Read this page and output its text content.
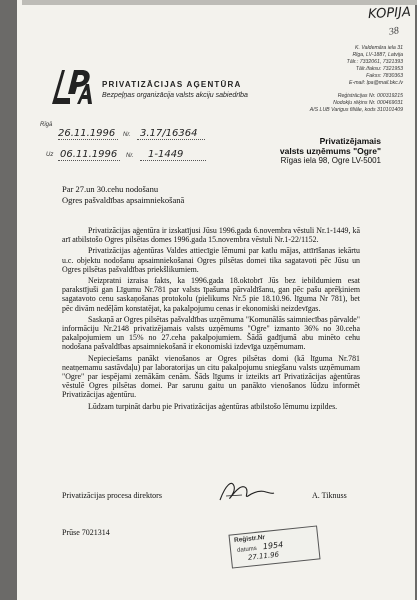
KOPIJA
38
PRIVATIZĀCIJAS AĢENTŪRA
Bezpeļņas organizācija valsts akciju sabiedrība
K. Valdemāra iela 31
Rīga, LV-1887, Latvija
Tālr.: 7332061, 7321393
Tālr./faksu: 7321953
Fakss: 7830363
E-mail: lpa@mail.bkc.lv
Reģistrācijas Nr. 000319215
Nodokļu rēķins Nr. 000469031
A/S LUB Varigus filiāle, kods 310101409
Rīgā
26.11.1996 Nr. 3.17/16364
Uz 06.11.1996 Nr. 1-1449
Privatizējamais
valsts uzņēmums "Ogre"
Rīgas iela 98, Ogre LV-5001
Par 27.un 30.cehu nodošanu
Ogres pašvaldības apsaimniekošanā

Privatizācijas aģentūra ir izskatījusi Jūsu 1996.gada 6.novembra vēstuli Nr.1-1449, kā arī atbilstošo Ogres pilsētas domes 1996.gada 15.novembra vēstuli Nr.1-22/1152.

Privatizācijas aģentūras Valdes attiecīgie lēmumi par katlu mājas, attīrīšanas iekārtu u.c. objektu nodošanu apsaimniekošanai Ogres pilsētas domei tika sagatavoti pēc Jūsu un Ogres pilsētas pašvaldības priekšlikumiem.

Neizpratni izraisa fakts, ka 1996.gada 18.oktobrī Jūs bez iebildumiem esat parakstījuši gan Līgumu Nr.781 par valsts īpašuma pārvaldīšanu, gan pēc pašu aprēķiniem sagatavoto cenu saskaņošanas protokolu (pielikums Nr.5 pie 18.10.96. līguma Nr 781), bet pēc divām nedēļām konstatējat, ka pakalpojumu cenas ir ekonomiski neizdevīgas.

Saskaņā ar Ogres pilsētas pašvaldības uzņēmuma "Komunālās saimniecības pārvalde" informāciju Nr.2148 privatizējamais valsts uzņēmums "Ogre" izmanto 36% no 30.ceha pakalpojumiem un 15% no 27.ceha pakalpojumiem. Šādā gadījumā abu minēto cehu nodošana pašvaldības apsaimniekošanā ir ekonomiski izdevīga uzņēmumam.

Nepieciešams panākt vienošanos ar Ogres pilsētas domi (kā līguma Nr.781 neatņemamu sastāvdaļu) par laboratorijas un citu pakalpojumu sniegšanu valsts uzņēmumam "Ogre" par iespējami zemākām cenām. Šāds līgums ir izteikts arī Privatizācijas aģentūras vēstulē Ogres pilsētas domei. Par sarunu gaitu un panākto vienošanos lūdzu informēt Privatizācijas aģentūru.

Lūdzam turpināt darbu pie Privatizācijas aģentūras atbilstošo lēmumu izpildes.

Privatizācijas procesa direktors	A. Tiknuss
Prūse 7021314
Reģistr.Nr
datums 1954
27.11.96
